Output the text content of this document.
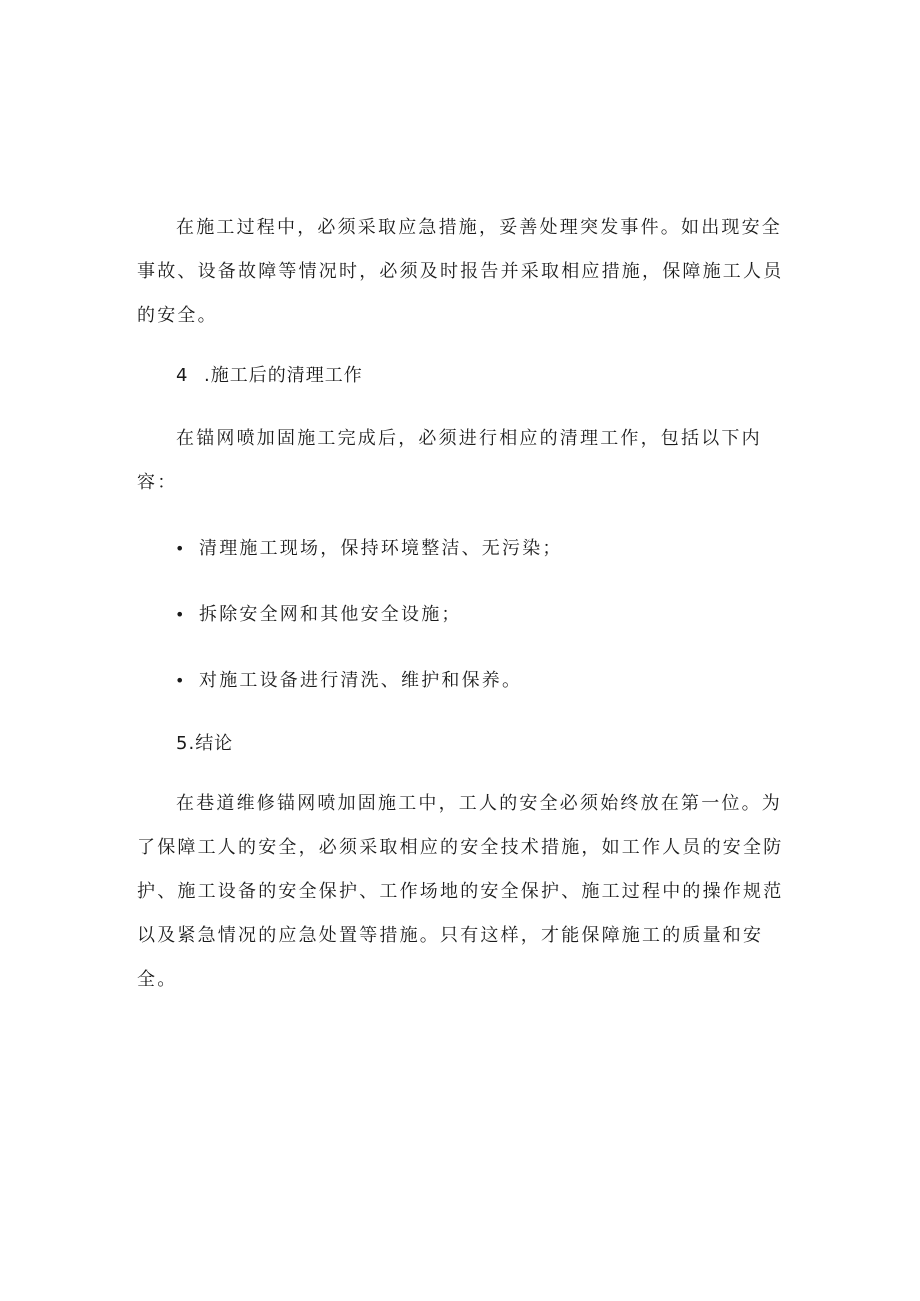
在施工过程中，必须采取应急措施，妥善处理突发事件。如出现安全事故、设备故障等情况时，必须及时报告并采取相应措施，保障施工人员的安全。

4 .施工后的清理工作

在锚网喷加固施工完成后，必须进行相应的清理工作，包括以下内容：

• 清理施工现场，保持环境整洁、无污染；
• 拆除安全网和其他安全设施；
• 对施工设备进行清洗、维护和保养。

5.结论

在巷道维修锚网喷加固施工中，工人的安全必须始终放在第一位。为了保障工人的安全，必须采取相应的安全技术措施，如工作人员的安全防护、施工设备的安全保护、工作场地的安全保护、施工过程中的操作规范以及紧急情况的应急处置等措施。只有这样，才能保障施工的质量和安全。
